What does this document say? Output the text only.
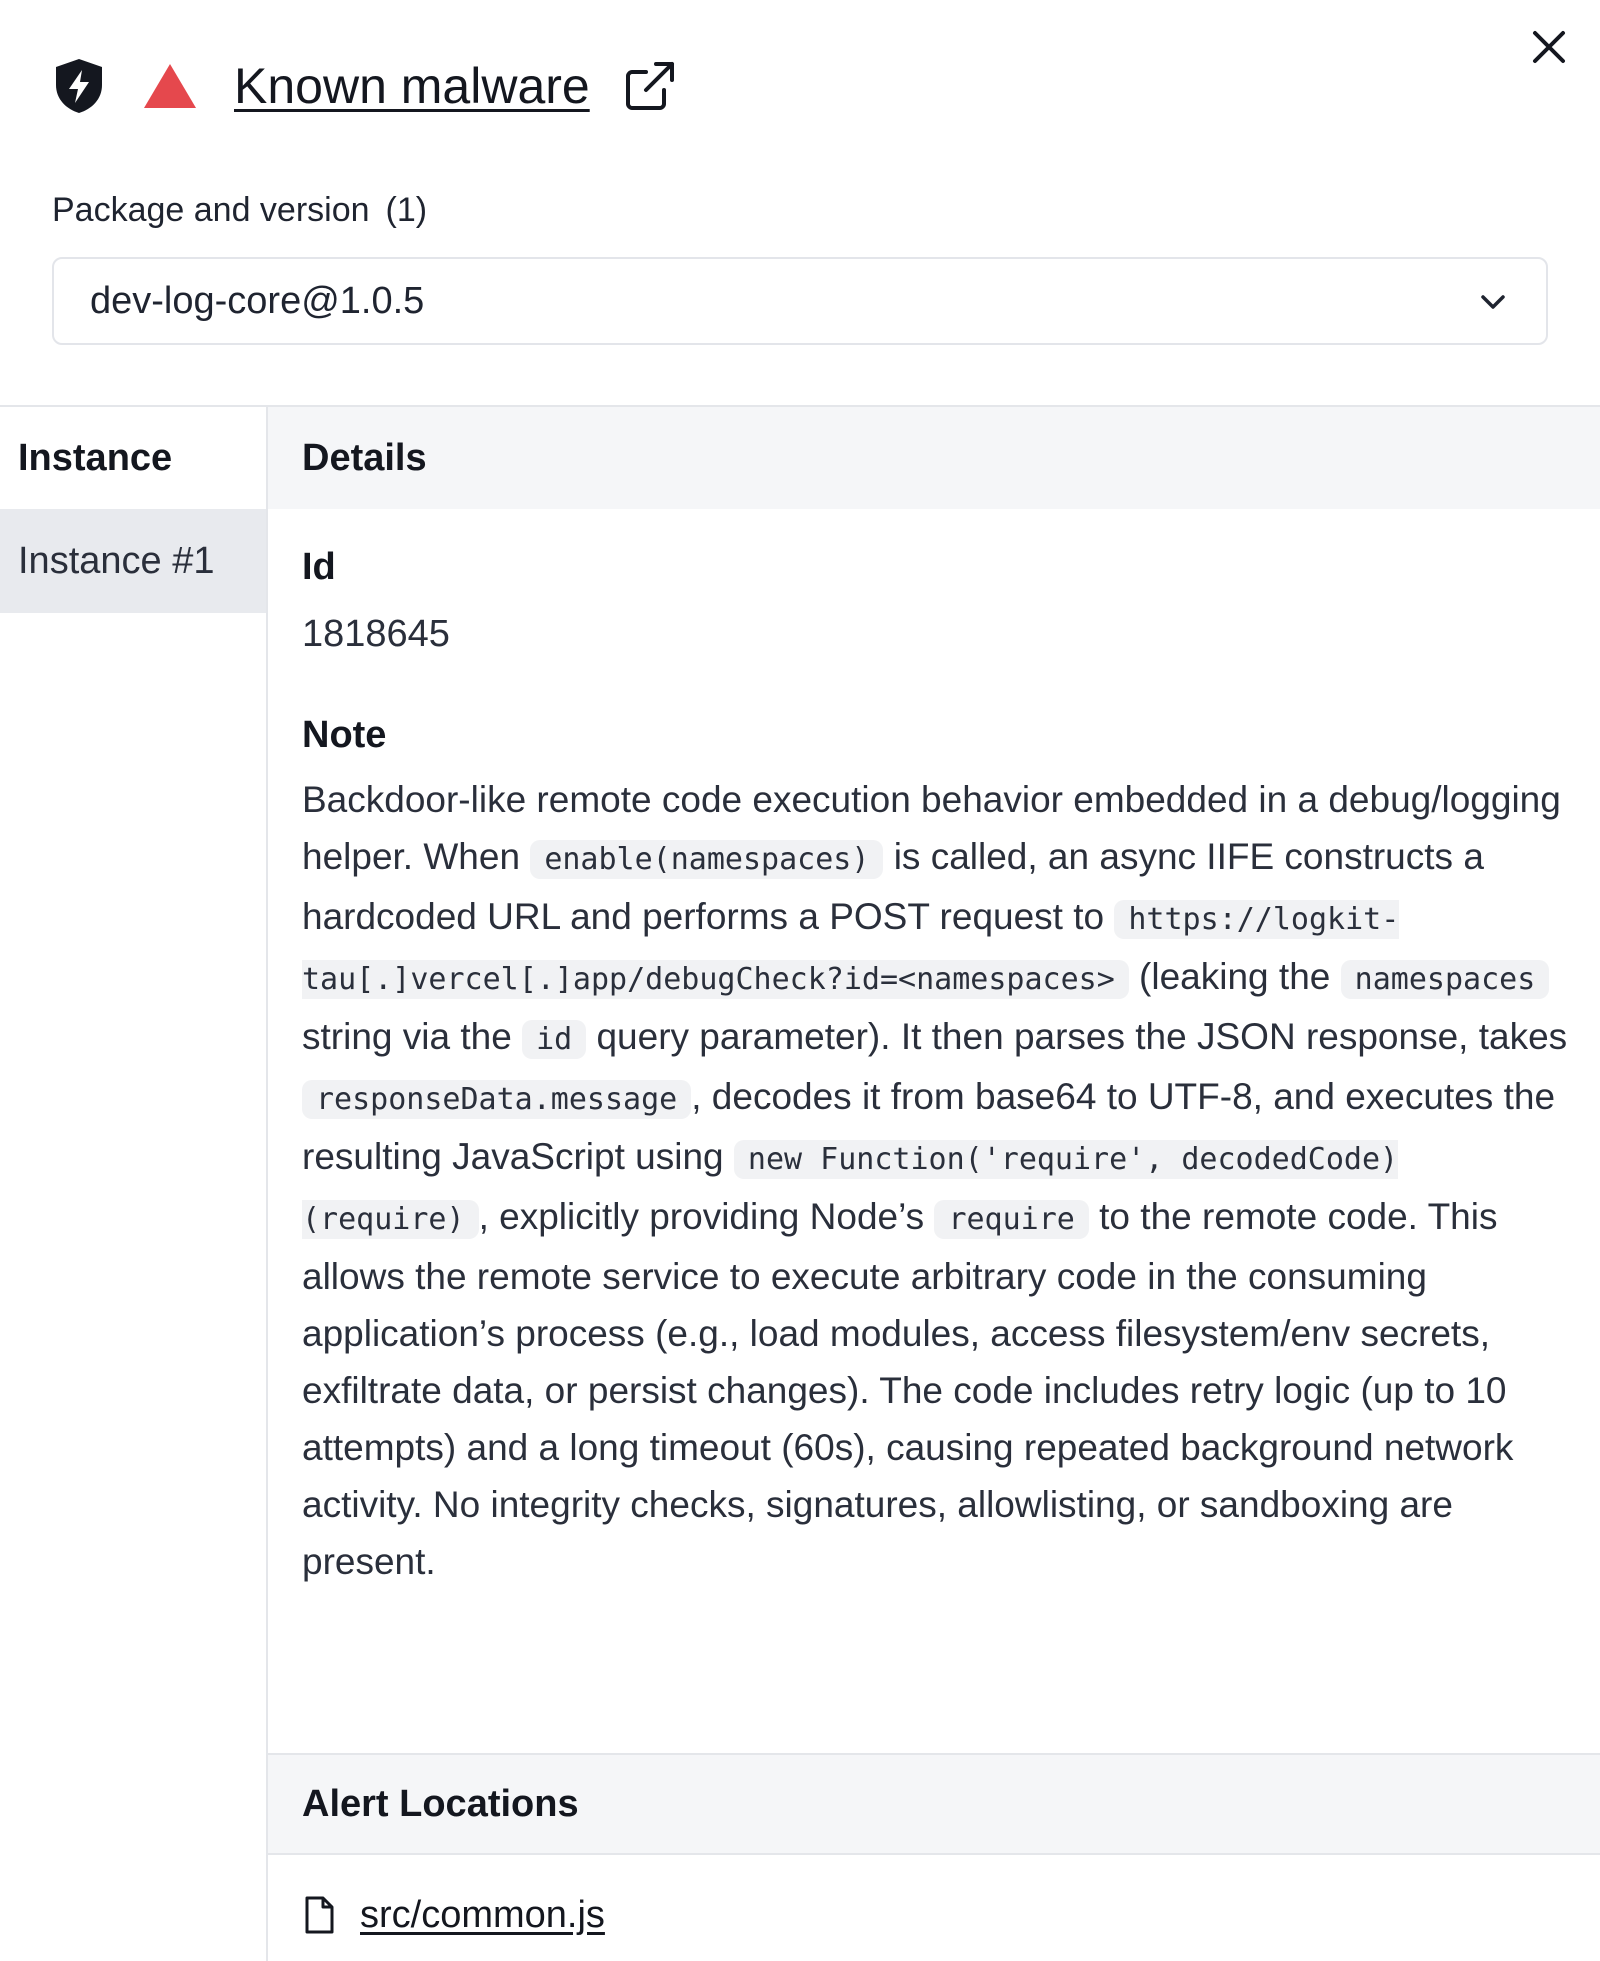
Known malware
Package and version (1)
dev-log-core@1.0.5
Instance
Instance #1
Details
Id
1818645
Note
Backdoor-like remote code execution behavior embedded in a debug/logging helper. When enable(namespaces) is called, an async IIFE constructs a hardcoded URL and performs a POST request to https://logkit-tau[.]vercel[.]app/debugCheck?id=<namespaces> (leaking the namespaces string via the id query parameter). It then parses the JSON response, takes responseData.message , decodes it from base64 to UTF-8, and executes the resulting JavaScript using new Function('require', decodedCode)(require) , explicitly providing Node’s require to the remote code. This allows the remote service to execute arbitrary code in the consuming application’s process (e.g., load modules, access filesystem/env secrets, exfiltrate data, or persist changes). The code includes retry logic (up to 10 attempts) and a long timeout (60s), causing repeated background network activity. No integrity checks, signatures, allowlisting, or sandboxing are present.
Alert Locations
src/common.js
